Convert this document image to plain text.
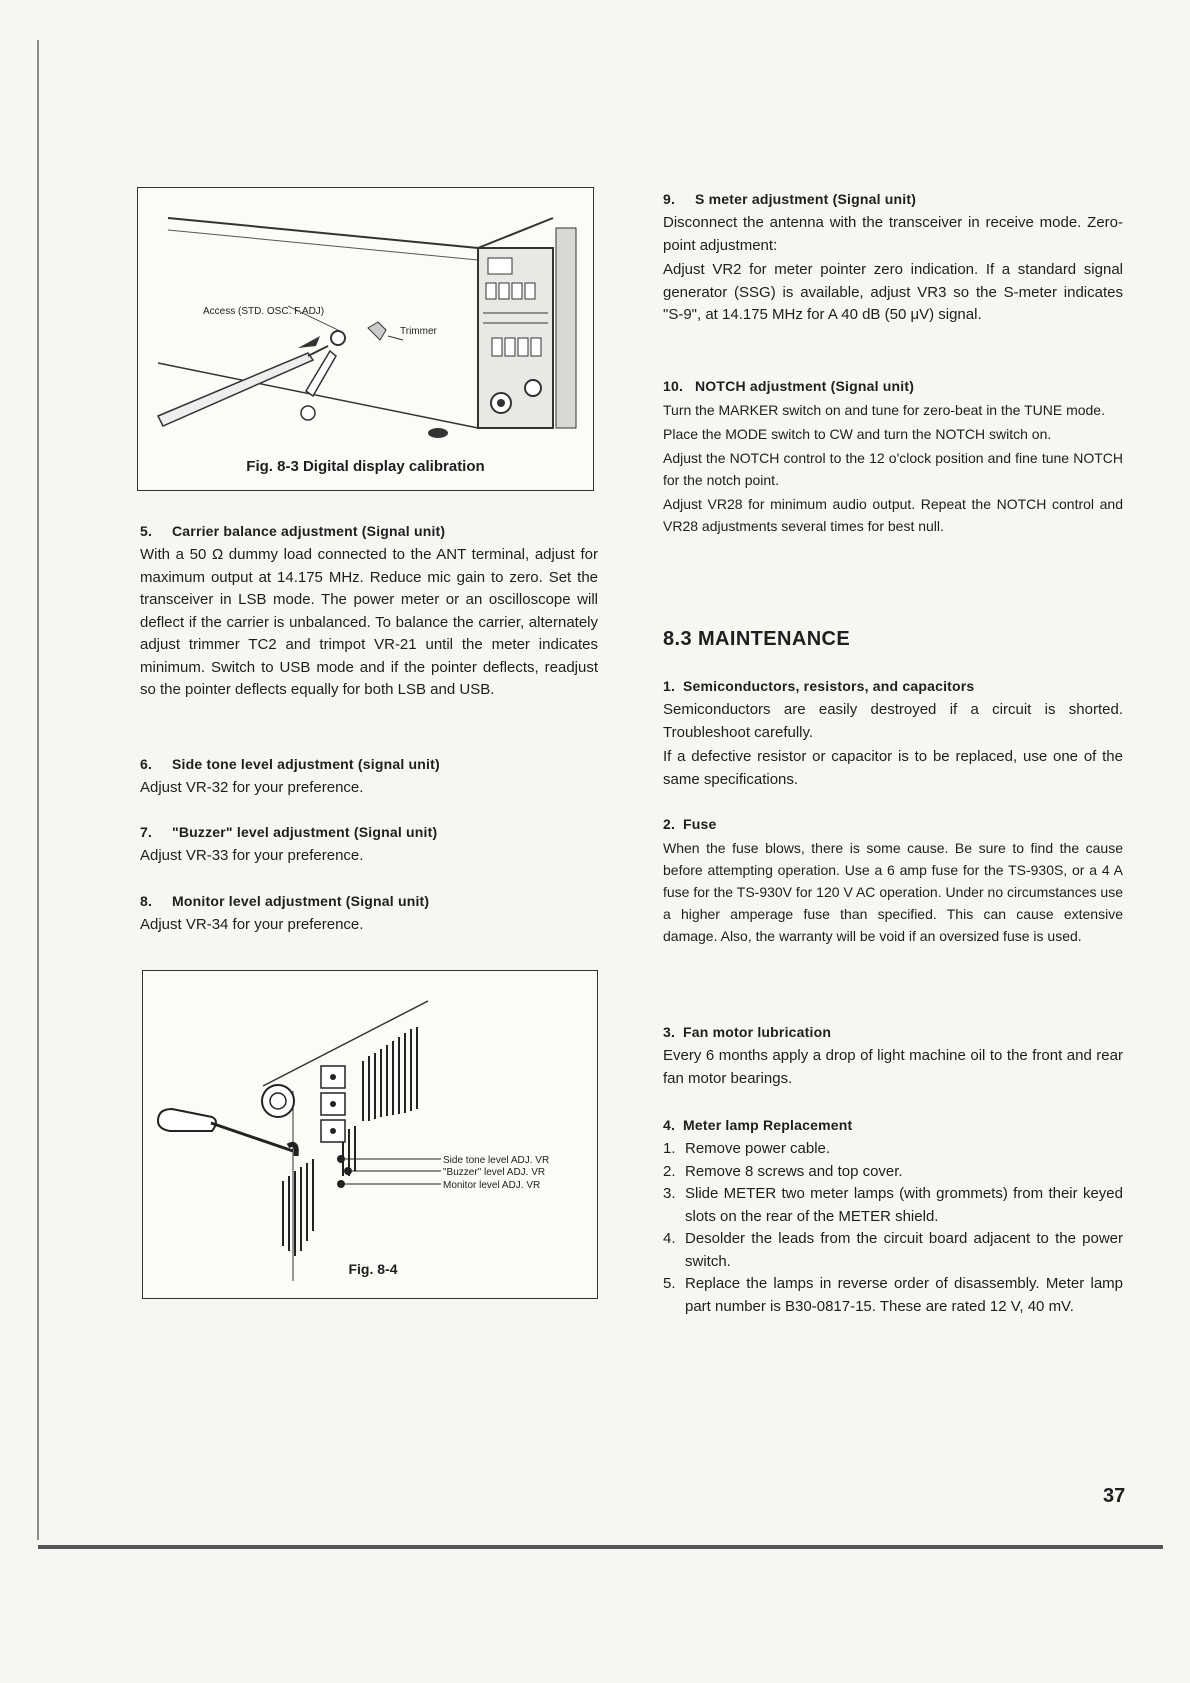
Access (STD. OSC. F.ADJ)
Trimmer
Fig. 8-3 Digital display calibration
5. Carrier balance adjustment (Signal unit)

With a 50 Ω dummy load connected to the ANT terminal, adjust for maximum output at 14.175 MHz. Reduce mic gain to zero. Set the transceiver in LSB mode. The power meter or an oscilloscope will deflect if the carrier is unbalanced. To balance the carrier, alternately adjust trimmer TC2 and trimpot VR-21 until the meter indicates minimum. Switch to USB mode and if the pointer deflects, readjust so the pointer deflects equally for both LSB and USB.

6. Side tone level adjustment (signal unit)

Adjust VR-32 for your preference.

7. "Buzzer" level adjustment (Signal unit)

Adjust VR-33 for your preference.

8. Monitor level adjustment (Signal unit)

Adjust VR-34 for your preference.

Side tone level ADJ. VR
"Buzzer" level ADJ. VR
Monitor level ADJ. VR
Fig. 8-4
9. S meter adjustment (Signal unit)

Disconnect the antenna with the transceiver in receive mode. Zero-point adjustment:

Adjust VR2 for meter pointer zero indication. If a standard signal generator (SSG) is available, adjust VR3 so the S-meter indicates "S-9", at 14.175 MHz for A 40 dB (50 μV) signal.

10. NOTCH adjustment (Signal unit)

Turn the MARKER switch on and tune for zero-beat in the TUNE mode.

Place the MODE switch to CW and turn the NOTCH switch on.

Adjust the NOTCH control to the 12 o'clock position and fine tune NOTCH for the notch point.

Adjust VR28 for minimum audio output. Repeat the NOTCH control and VR28 adjustments several times for best null.

8.3 MAINTENANCE
1. Semiconductors, resistors, and capacitors

Semiconductors are easily destroyed if a circuit is shorted. Troubleshoot carefully.

If a defective resistor or capacitor is to be replaced, use one of the same specifications.

2. Fuse

When the fuse blows, there is some cause. Be sure to find the cause before attempting operation. Use a 6 amp fuse for the TS-930S, or a 4 A fuse for the TS-930V for 120 V AC operation. Under no circumstances use a higher amperage fuse than specified. This can cause extensive damage. Also, the warranty will be void if an oversized fuse is used.

3. Fan motor lubrication

Every 6 months apply a drop of light machine oil to the front and rear fan motor bearings.

4. Meter lamp Replacement
1. Remove power cable.
2. Remove 8 screws and top cover.
3. Slide METER two meter lamps (with grommets) from their keyed slots on the rear of the METER shield.
4. Desolder the leads from the circuit board adjacent to the power switch.
5. Replace the lamps in reverse order of disassembly. Meter lamp part number is B30-0817-15. These are rated 12 V, 40 mV.
37
